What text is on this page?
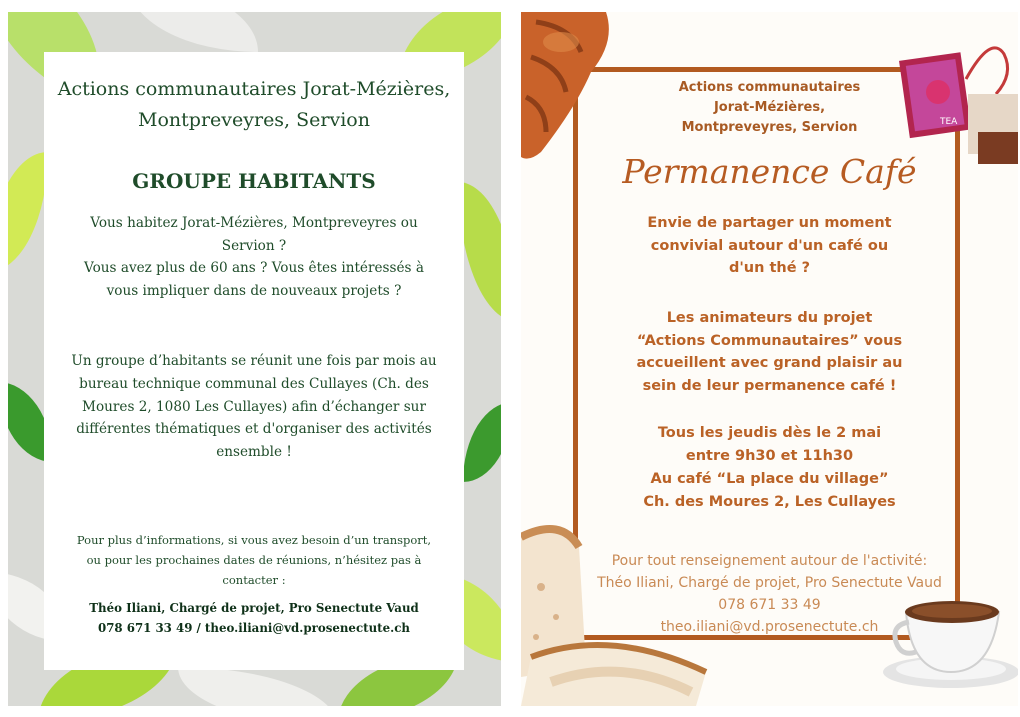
Actions communautaires Jorat-Mézières,
Montpreveyres, Servion
GROUPE HABITANTS
Vous habitez Jorat-Mézières, Montpreveyres ou
Servion ?
Vous avez plus de 60 ans ? Vous êtes intéressés à
vous impliquer dans de nouveaux projets ?
Un groupe d’habitants se réunit une fois par mois au
bureau technique communal des Cullayes (Ch. des
Moures 2, 1080 Les Cullayes) afin d’échanger sur
différentes thématiques et d'organiser des activités
ensemble !
Pour plus d’informations, si vous avez besoin d’un transport,
ou pour les prochaines dates de réunions, n’hésitez pas à
contacter :
Théo Iliani, Chargé de projet, Pro Senectute Vaud
078 671 33 49 / theo.iliani@vd.prosenectute.ch
TEA
Actions communautaires
Jorat-Mézières,
Montpreveyres, Servion
Permanence Café
Envie de partager un moment
convivial autour d'un café ou
d'un thé ?
Les animateurs du projet
“Actions Communautaires” vous
accueillent avec grand plaisir au
sein de leur permanence café !
Tous les jeudis dès le 2 mai
entre 9h30 et 11h30
Au café “La place du village”
Ch. des Moures 2, Les Cullayes
Pour tout renseignement autour de l'activité:
Théo Iliani, Chargé de projet, Pro Senectute Vaud
078 671 33 49
theo.iliani@vd.prosenectute.ch
